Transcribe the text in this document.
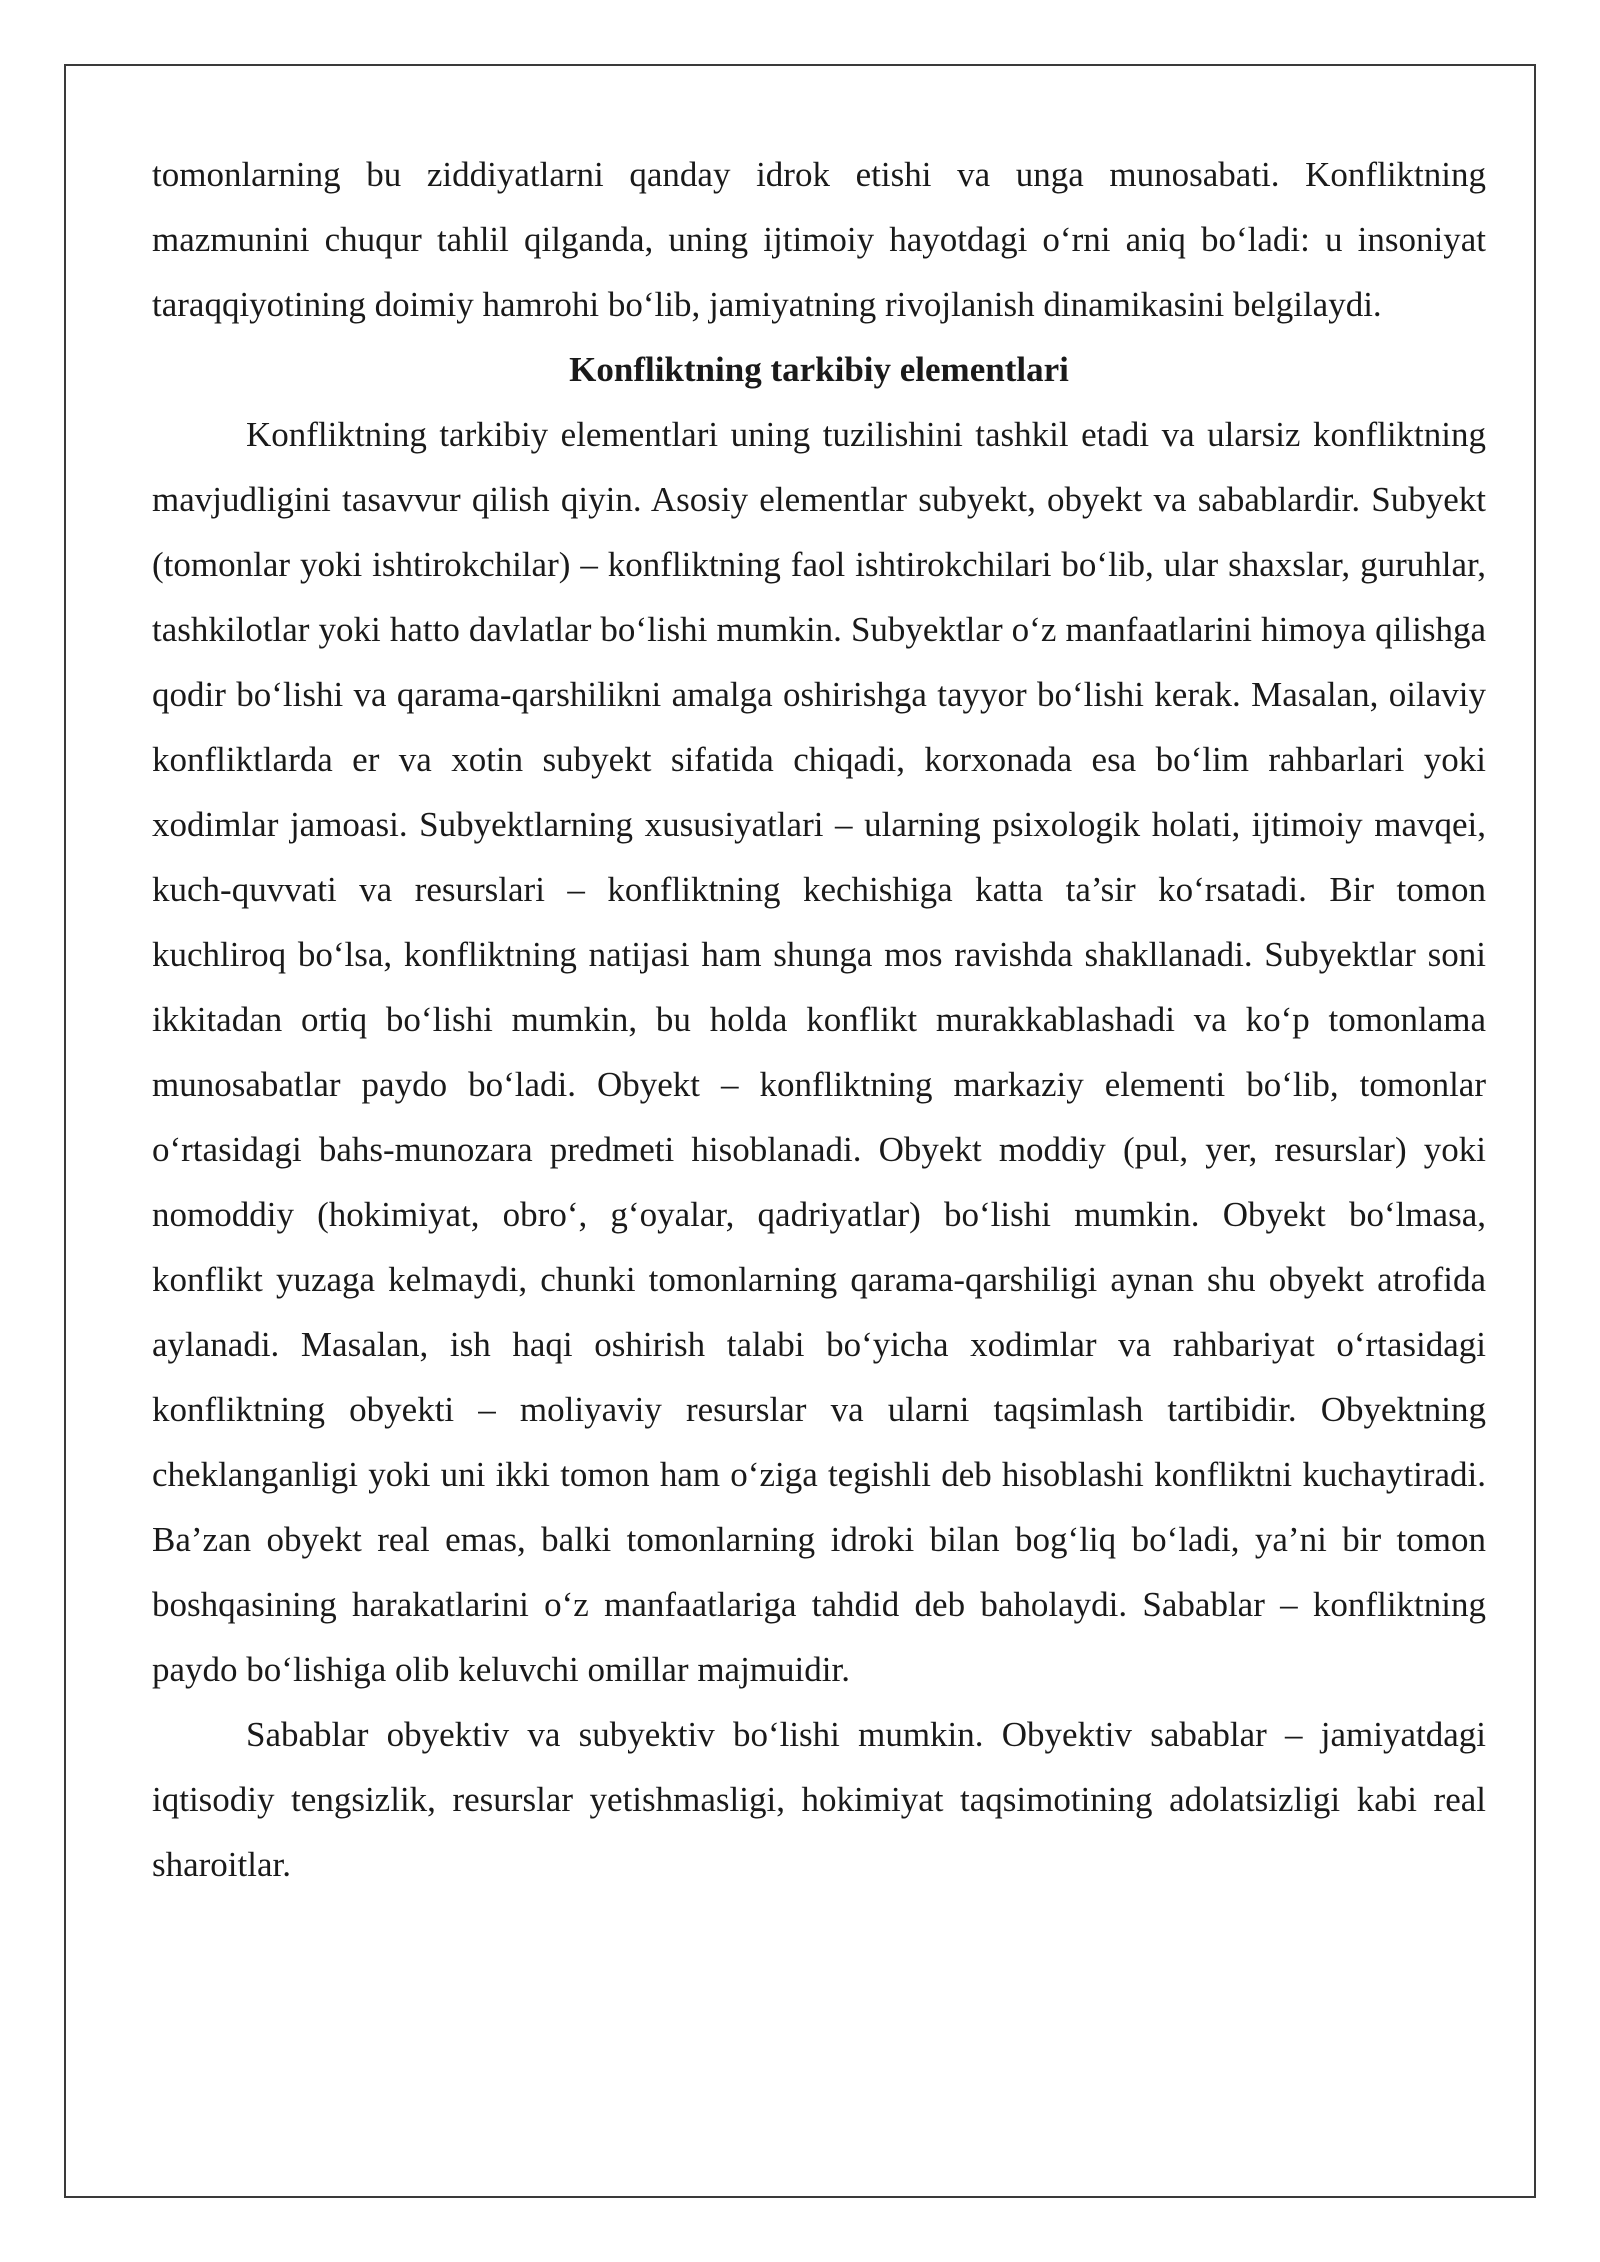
tomonlarning bu ziddiyatlarni qanday idrok etishi va unga munosabati. Konfliktning mazmunini chuqur tahlil qilganda, uning ijtimoiy hayotdagi o‘rni aniq bo‘ladi: u insoniyat taraqqiyotining doimiy hamrohi bo‘lib, jamiyatning rivojlanish dinamikasini belgilaydi.

Konfliktning tarkibiy elementlari

Konfliktning tarkibiy elementlari uning tuzilishini tashkil etadi va ularsiz konfliktning mavjudligini tasavvur qilish qiyin. Asosiy elementlar subyekt, obyekt va sabablardir. Subyekt (tomonlar yoki ishtirokchilar) – konfliktning faol ishtirokchilari bo‘lib, ular shaxslar, guruhlar, tashkilotlar yoki hatto davlatlar bo‘lishi mumkin. Subyektlar o‘z manfaatlarini himoya qilishga qodir bo‘lishi va qarama-qarshilikni amalga oshirishga tayyor bo‘lishi kerak. Masalan, oilaviy konfliktlarda er va xotin subyekt sifatida chiqadi, korxonada esa bo‘lim rahbarlari yoki xodimlar jamoasi. Subyektlarning xususiyatlari – ularning psixologik holati, ijtimoiy mavqei, kuch-quvvati va resurslari – konfliktning kechishiga katta ta’sir ko‘rsatadi. Bir tomon kuchliroq bo‘lsa, konfliktning natijasi ham shunga mos ravishda shakllanadi. Subyektlar soni ikkitadan ortiq bo‘lishi mumkin, bu holda konflikt murakkablashadi va ko‘p tomonlama munosabatlar paydo bo‘ladi. Obyekt – konfliktning markaziy elementi bo‘lib, tomonlar o‘rtasidagi bahs-munozara predmeti hisoblanadi. Obyekt moddiy (pul, yer, resurslar) yoki nomoddiy (hokimiyat, obro‘, g‘oyalar, qadriyatlar) bo‘lishi mumkin. Obyekt bo‘lmasa, konflikt yuzaga kelmaydi, chunki tomonlarning qarama-qarshiligi aynan shu obyekt atrofida aylanadi. Masalan, ish haqi oshirish talabi bo‘yicha xodimlar va rahbariyat o‘rtasidagi konfliktning obyekti – moliyaviy resurslar va ularni taqsimlash tartibidir. Obyektning cheklanganligi yoki uni ikki tomon ham o‘ziga tegishli deb hisoblashi konfliktni kuchaytiradi. Ba’zan obyekt real emas, balki tomonlarning idroki bilan bog‘liq bo‘ladi, ya’ni bir tomon boshqasining harakatlarini o‘z manfaatlariga tahdid deb baholaydi. Sabablar – konfliktning paydo bo‘lishiga olib keluvchi omillar majmuidir.

Sabablar obyektiv va subyektiv bo‘lishi mumkin. Obyektiv sabablar – jamiyatdagi iqtisodiy tengsizlik, resurslar yetishmasligi, hokimiyat taqsimotining adolatsizligi kabi real sharoitlar.
